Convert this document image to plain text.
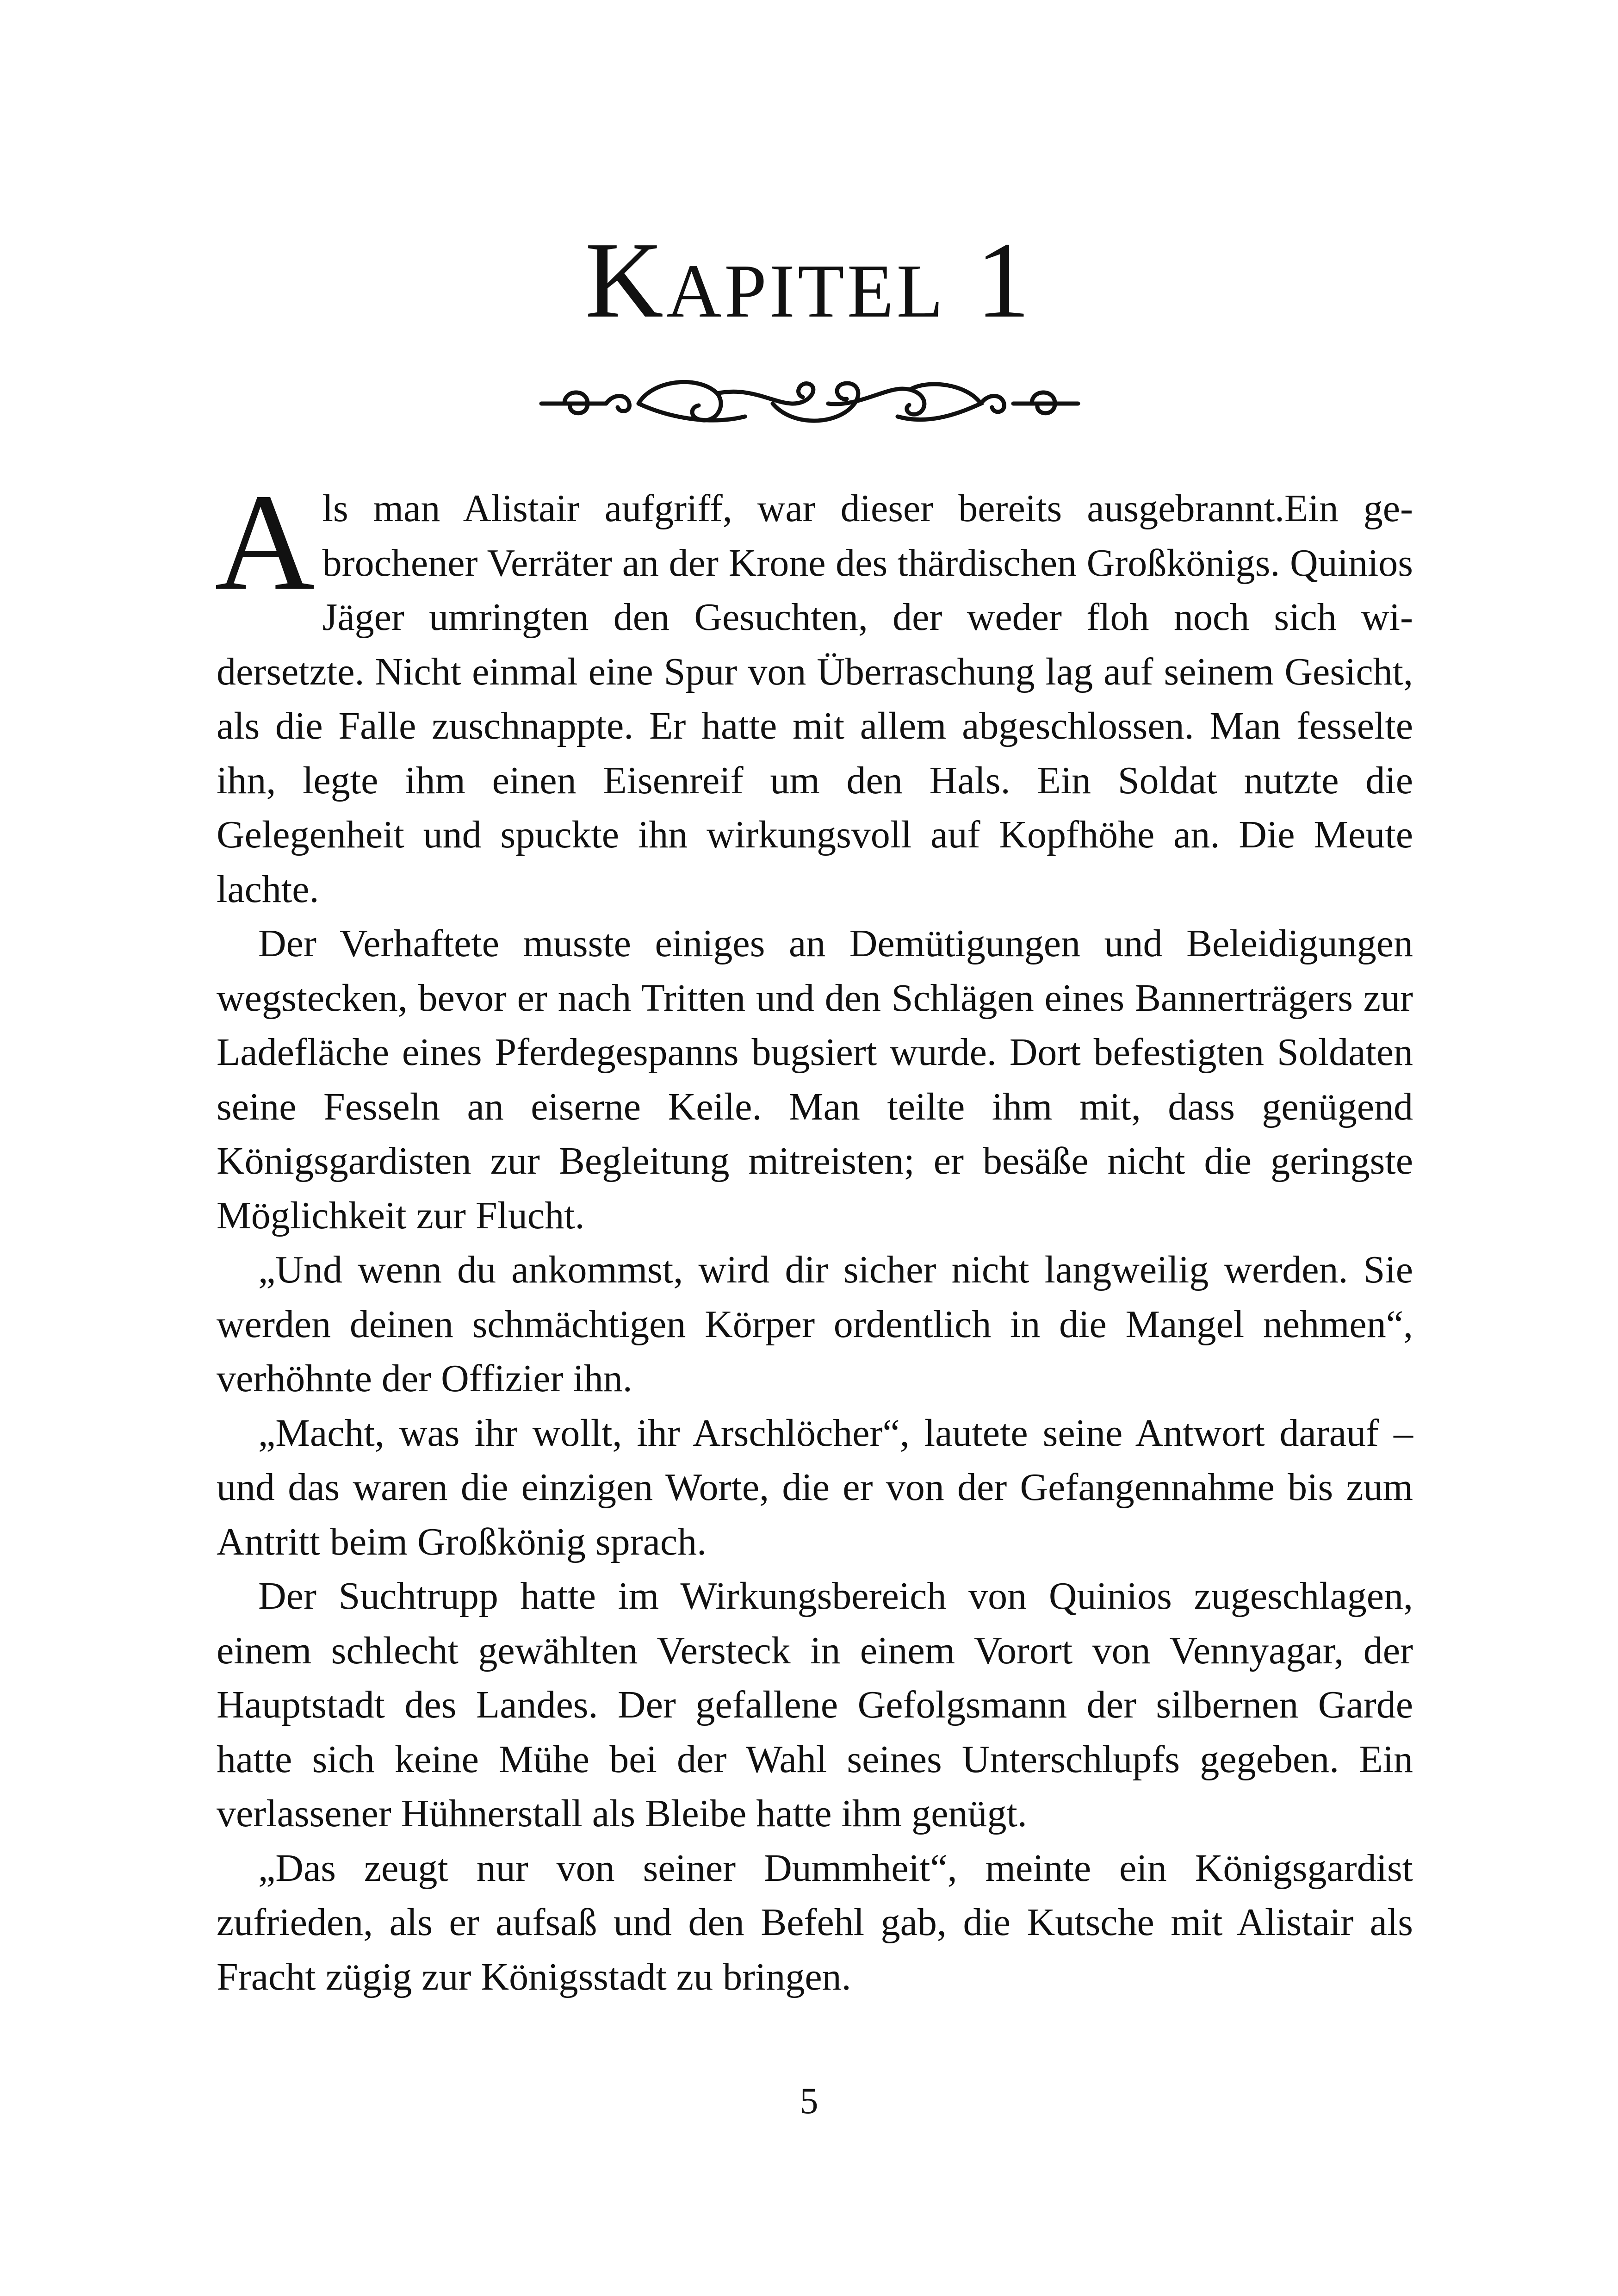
Kapitel 1

Als man Alistair aufgriff, war dieser bereits ausgebrannt.Ein gebrochener Verräter an der Krone des thärdischen Großkönigs. Quinios Jäger umringten den Gesuchten, der weder floh noch sich widersetzte. Nicht einmal eine Spur von Überraschung lag auf seinem Gesicht, als die Falle zuschnappte. Er hatte mit allem abgeschlossen. Man fesselte ihn, legte ihm einen Eisenreif um den Hals. Ein Soldat nutzte die Gelegenheit und spuckte ihn wirkungsvoll auf Kopfhöhe an. Die Meute lachte.

Der Verhaftete musste einiges an Demütigungen und Beleidigungen wegstecken, bevor er nach Tritten und den Schlägen eines Bannerträgers zur Ladefläche eines Pferdegespanns bugsiert wurde. Dort befestigten Soldaten seine Fesseln an eiserne Keile. Man teilte ihm mit, dass genügend Königsgardisten zur Begleitung mitreisten; er besäße nicht die geringste Möglichkeit zur Flucht.

„Und wenn du ankommst, wird dir sicher nicht langweilig werden. Sie werden deinen schmächtigen Körper ordentlich in die Mangel nehmen“, verhöhnte der Offizier ihn.

„Macht, was ihr wollt, ihr Arschlöcher“, lautete seine Antwort darauf – und das waren die einzigen Worte, die er von der Gefangennahme bis zum Antritt beim Großkönig sprach.

Der Suchtrupp hatte im Wirkungsbereich von Quinios zugeschlagen, einem schlecht gewählten Versteck in einem Vorort von Vennyagar, der Hauptstadt des Landes. Der gefallene Gefolgsmann der silbernen Garde hatte sich keine Mühe bei der Wahl seines Unterschlupfs gegeben. Ein verlassener Hühnerstall als Bleibe hatte ihm genügt.

„Das zeugt nur von seiner Dummheit“, meinte ein Königsgardist zufrieden, als er aufsaß und den Befehl gab, die Kutsche mit Alistair als Fracht zügig zur Königsstadt zu bringen.

5
